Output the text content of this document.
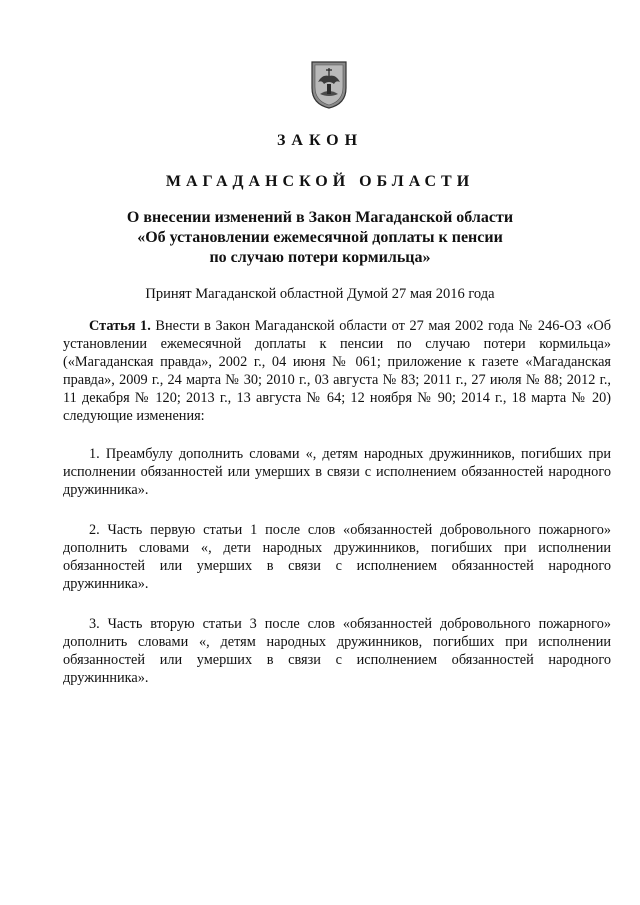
ЗАКОН
МАГАДАНСКОЙ ОБЛАСТИ
О внесении изменений в Закон Магаданской области
«Об установлении ежемесячной доплаты к пенсии
по случаю потери кормильца»
Принят Магаданской областной Думой 27 мая 2016 года

Статья 1. Внести в Закон Магаданской области от 27 мая 2002 года № 246-ОЗ «Об установлении ежемесячной доплаты к пенсии по случаю потери кормильца» («Магаданская правда», 2002 г., 04 июня № 061; приложение к газете «Магаданская правда», 2009 г., 24 марта № 30; 2010 г., 03 августа № 83; 2011 г., 27 июля № 88; 2012 г., 11 декабря № 120; 2013 г., 13 августа № 64; 12 ноября № 90; 2014 г., 18 марта № 20) следующие изменения:

1. Преамбулу дополнить словами «, детям народных дружинников, погибших при исполнении обязанностей или умерших в связи с исполнением обязанностей народного дружинника».

2. Часть первую статьи 1 после слов «обязанностей добровольного пожарного» дополнить словами «, дети народных дружинников, погибших при исполнении обязанностей или умерших в связи с исполнением обязанностей народного дружинника».

3. Часть вторую статьи 3 после слов «обязанностей добровольного пожарного» дополнить словами «, детям народных дружинников, погибших при исполнении обязанностей или умерших в связи с исполнением обязанностей народного дружинника».
